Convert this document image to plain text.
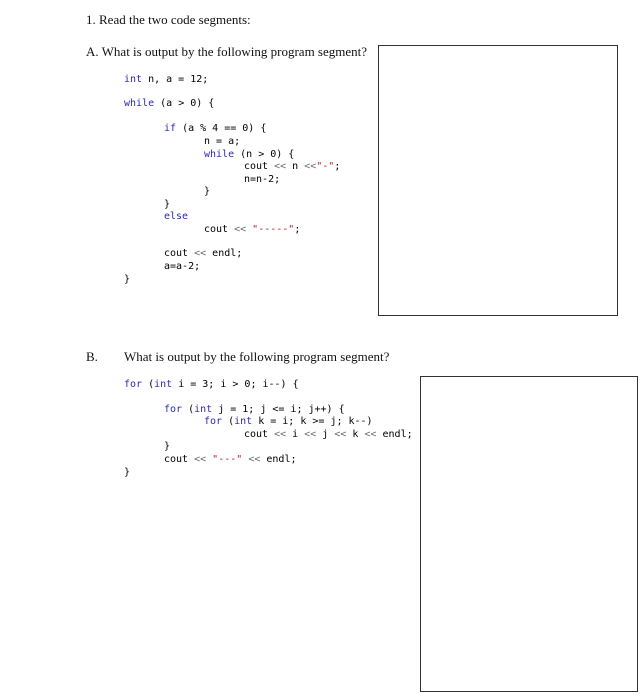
1. Read the two code segments:
A. What is output by the following program segment?
int n, a = 12;
while (a > 0) {
if (a % 4 == 0) {
n = a;
while (n > 0) {
cout << n <<"-";
n=n-2;
}
}
else
cout << "-----";
cout << endl;
a=a-2;
}
B. What is output by the following program segment?
for (int i = 3; i > 0; i--) {
for (int j = 1; j <= i; j++) {
for (int k = i; k >= j; k--)
cout << i << j << k << endl;
}
cout << "---" << endl;
}
